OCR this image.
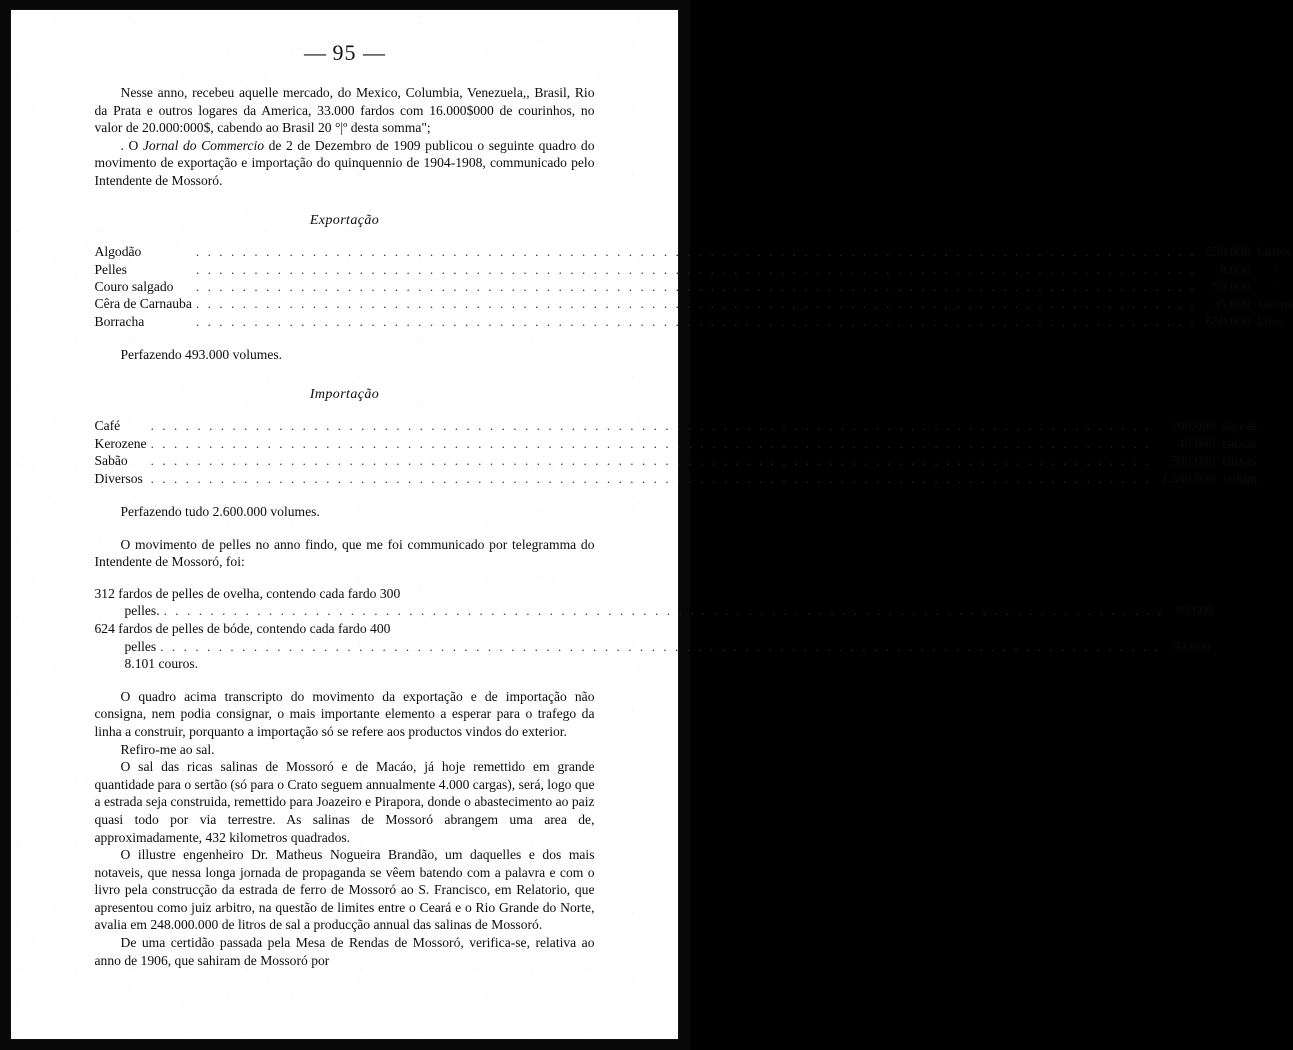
— 95 —

Nesse anno, recebeu aquelle mercado, do Mexico, Columbia, Venezuela,, Brasil, Rio da Prata e outros logares da America, 33.000 fardos com 16.000$000 de courinhos, no valor de 20.000:000$, cabendo ao Brasil 20 °|º desta somma";

. O Jornal do Commercio de 2 de Dezembro de 1909 publicou o seguinte quadro do movimento de exportação e importação do quinquennio de 1904-1908, communicado pelo Intendente de Mossoró.

Exportação
Algodão	. . . . . . . . . . . . . . . . . . . . . . . . . . . . . . . . . . . . . . . . . . . . . . . . . . . . . . . . . . . . . . . . . . . . . . . . . . . . . . . . . . . . . .	250.000	fardos
Pelles	. . . . . . . . . . . . . . . . . . . . . . . . . . . . . . . . . . . . . . . . . . . . . . . . . . . . . . . . . . . . . . . . . . . . . . . . . . . . . . . . . . . . . .	8.000	"
Couro salgado	. . . . . . . . . . . . . . . . . . . . . . . . . . . . . . . . . . . . . . . . . . . . . . . . . . . . . . . . . . . . . . . . . . . . . . . . . . . . . . . . . . . . . .	50.000	"
Cêra de Carnauba	. . . . . . . . . . . . . . . . . . . . . . . . . . . . . . . . . . . . . . . . . . . . . . . . . . . . . . . . . . . . . . . . . . . . . . . . . . . . . . . . . . . . . .	35.000	saccos
Borracha	. . . . . . . . . . . . . . . . . . . . . . . . . . . . . . . . . . . . . . . . . . . . . . . . . . . . . . . . . . . . . . . . . . . . . . . . . . . . . . . . . . . . . .	650.000	kilos

Perfazendo 493.000 volumes.

Importação
Café	. . . . . . . . . . . . . . . . . . . . . . . . . . . . . . . . . . . . . . . . . . . . . . . . . . . . . . . . . . . . . . . . . . . . . . . . . . . . . . . . . . . . . .	200.000	saccas
Kerozene	. . . . . . . . . . . . . . . . . . . . . . . . . . . . . . . . . . . . . . . . . . . . . . . . . . . . . . . . . . . . . . . . . . . . . . . . . . . . . . . . . . . . . .	40.000	caixas
Sabão	. . . . . . . . . . . . . . . . . . . . . . . . . . . . . . . . . . . . . . . . . . . . . . . . . . . . . . . . . . . . . . . . . . . . . . . . . . . . . . . . . . . . . .	500.000	caixas
Diversos	. . . . . . . . . . . . . . . . . . . . . . . . . . . . . . . . . . . . . . . . . . . . . . . . . . . . . . . . . . . . . . . . . . . . . . . . . . . . . . . . . . . . . .	1.500.000	volum.

Perfazendo tudo 2.600.000 volumes.

O movimento de pelles no anno findo, que me foi communicado por telegramma do Intendente de Mossoró, foi:

312 fardos de pelles de ovelha, contendo cada fardo 300

pelles. . . . . . . . . . . . . . . . . . . . . . . . . . . . . . . . . . . . . . . . . . . . . . . . . . . . . . . . . . . . . . . . . . . . . . . . . . . . . . . . . . . . . . . 93.600

624 fardos de pelles de bóde, contendo cada fardo 400

pelles . . . . . . . . . . . . . . . . . . . . . . . . . . . . . . . . . . . . . . . . . . . . . . . . . . . . . . . . . . . . . . . . . . . . . . . . . . . . . . . . . . . . . . 93.600

8.101 couros.

O quadro acima transcripto do movimento da exportação e de importação não consigna, nem podia consignar, o mais importante elemento a esperar para o trafego da linha a construir, porquanto a importação só se refere aos productos vindos do exterior.

Refiro-me ao sal.

O sal das ricas salinas de Mossoró e de Macáo, já hoje remettido em grande quantidade para o sertão (só para o Crato seguem annualmente 4.000 cargas), será, logo que a estrada seja construida, remettido para Joazeiro e Pirapora, donde o abastecimento ao paiz quasi todo por via terrestre. As salinas de Mossoró abrangem uma area de, approximadamente, 432 kilometros quadrados.

O illustre engenheiro Dr. Matheus Nogueira Brandão, um daquelles e dos mais notaveis, que nessa longa jornada de propaganda se vêem batendo com a palavra e com o livro pela construcção da estrada de ferro de Mossoró ao S. Francisco, em Relatorio, que apresentou como juiz arbitro, na questão de limites entre o Ceará e o Rio Grande do Norte, avalia em 248.000.000 de litros de sal a producção annual das salinas de Mossoró.

De uma certidão passada pela Mesa de Rendas de Mossoró, verifica-se, relativa ao anno de 1906, que sahiram de Mossoró por
